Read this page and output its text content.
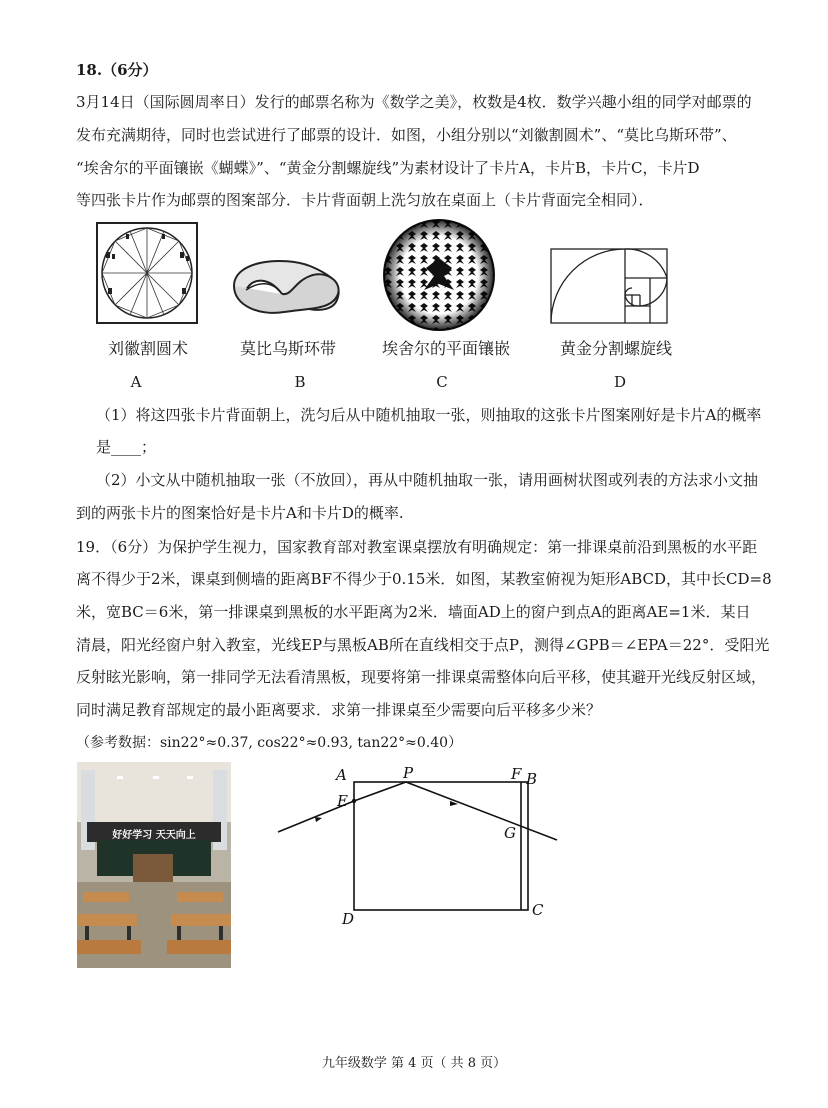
18.（6分）
3月14日（国际圆周率日）发行的邮票名称为《数学之美》，枚数是4枚．数学兴趣小组的同学对邮票的
发布充满期待，同时也尝试进行了邮票的设计．如图，小组分别以“刘徽割圆术”、“莫比乌斯环带”、
“埃舍尔的平面镶嵌《蝴蝶》”、“黄金分割螺旋线”为素材设计了卡片A，卡片B，卡片C，卡片D
等四张卡片作为邮票的图案部分．卡片背面朝上洗匀放在桌面上（卡片背面完全相同）．
刘徽割圆术
A
莫比乌斯环带
B
埃舍尔的平面镶嵌
C
黄金分割螺旋线
D
（1）将这四张卡片背面朝上，洗匀后从中随机抽取一张，则抽取的这张卡片图案刚好是卡片A的概率
是____；
（2）小文从中随机抽取一张（不放回），再从中随机抽取一张，请用画树状图或列表的方法求小文抽
到的两张卡片的图案恰好是卡片A和卡片D的概率.
19．（6分）为保护学生视力，国家教育部对教室课桌摆放有明确规定：第一排课桌前沿到黑板的水平距
离不得少于2米，课桌到侧墙的距离BF不得少于0.15米．如图，某教室俯视为矩形ABCD，其中长CD=8
米，宽BC＝6米，第一排课桌到黑板的水平距离为2米．墙面AD上的窗户到点A的距离AE=1米．某日
清晨，阳光经窗户射入教室，光线EP与黑板AB所在直线相交于点P，测得∠GPB＝∠EPA＝22°．受阳光
反射眩光影响，第一排同学无法看清黑板，现要将第一排课桌需整体向后平移，使其避开光线反射区域，
同时满足教育部规定的最小距离要求．求第一排课桌至少需要向后平移多少米？
（参考数据：sin22°≈0.37, cos22°≈0.93, tan22°≈0.40）
好好学习 天天向上
A	P	F B
E
G
D	C
九年级数学 第 4 页（ 共 8 页）
